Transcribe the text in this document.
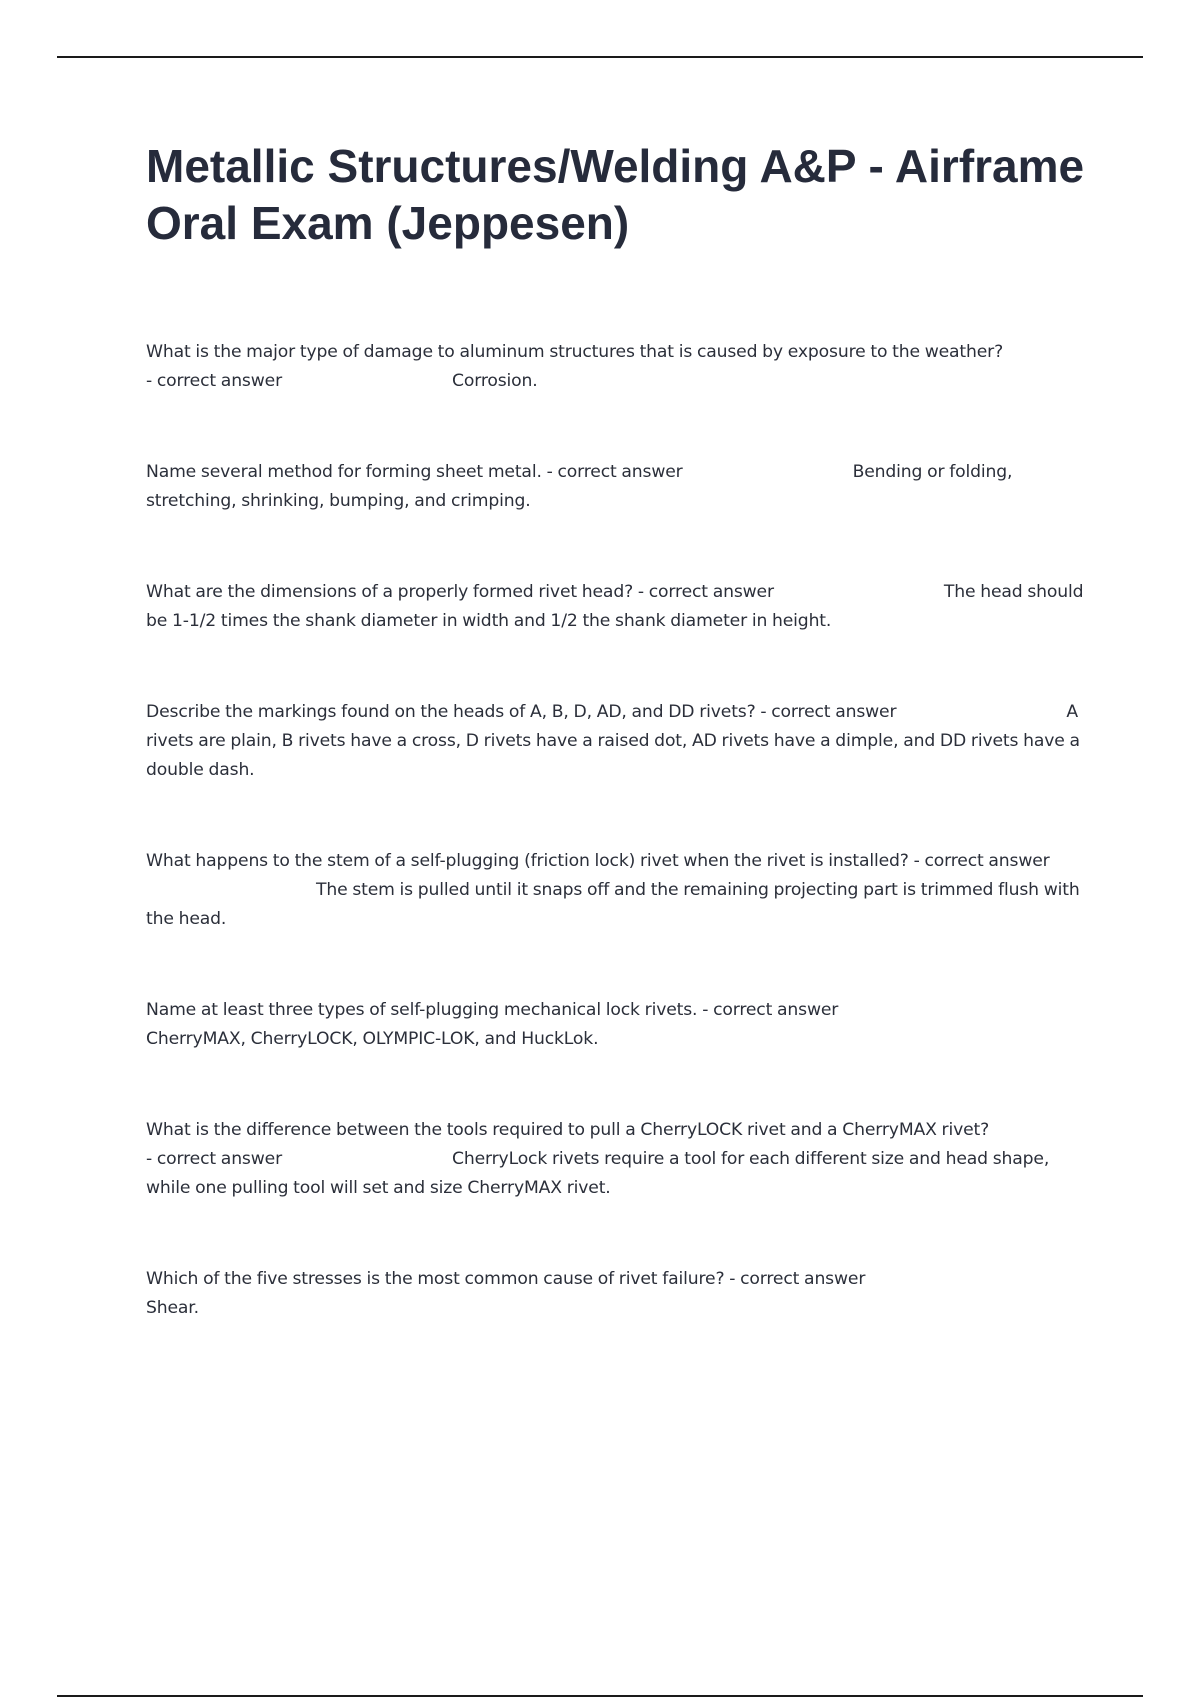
Metallic Structures/Welding A&P - Airframe Oral Exam (Jeppesen)

What is the major type of damage to aluminum structures that is caused by exposure to the weather? - correct answer	Corrosion.

Name several method for forming sheet metal. - correct answer	Bending or folding, stretching, shrinking, bumping, and crimping.

What are the dimensions of a properly formed rivet head? - correct answer	The head should be 1-1/2 times the shank diameter in width and 1/2 the shank diameter in height.

Describe the markings found on the heads of A, B, D, AD, and DD rivets? - correct answer	A rivets are plain, B rivets have a cross, D rivets have a raised dot, AD rivets have a dimple, and DD rivets have a double dash.

What happens to the stem of a self-plugging (friction lock) rivet when the rivet is installed? - correct answerThe stem is pulled until it snaps off and the remaining projecting part is trimmed flush with the head.

Name at least three types of self-plugging mechanical lock rivets. - correct answerCherryMAX, CherryLOCK, OLYMPIC-LOK, and HuckLok.

What is the difference between the tools required to pull a CherryLOCK rivet and a CherryMAX rivet? - correct answer	CherryLock rivets require a tool for each different size and head shape, while one pulling tool will set and size CherryMAX rivet.

Which of the five stresses is the most common cause of rivet failure? - correct answerShear.
